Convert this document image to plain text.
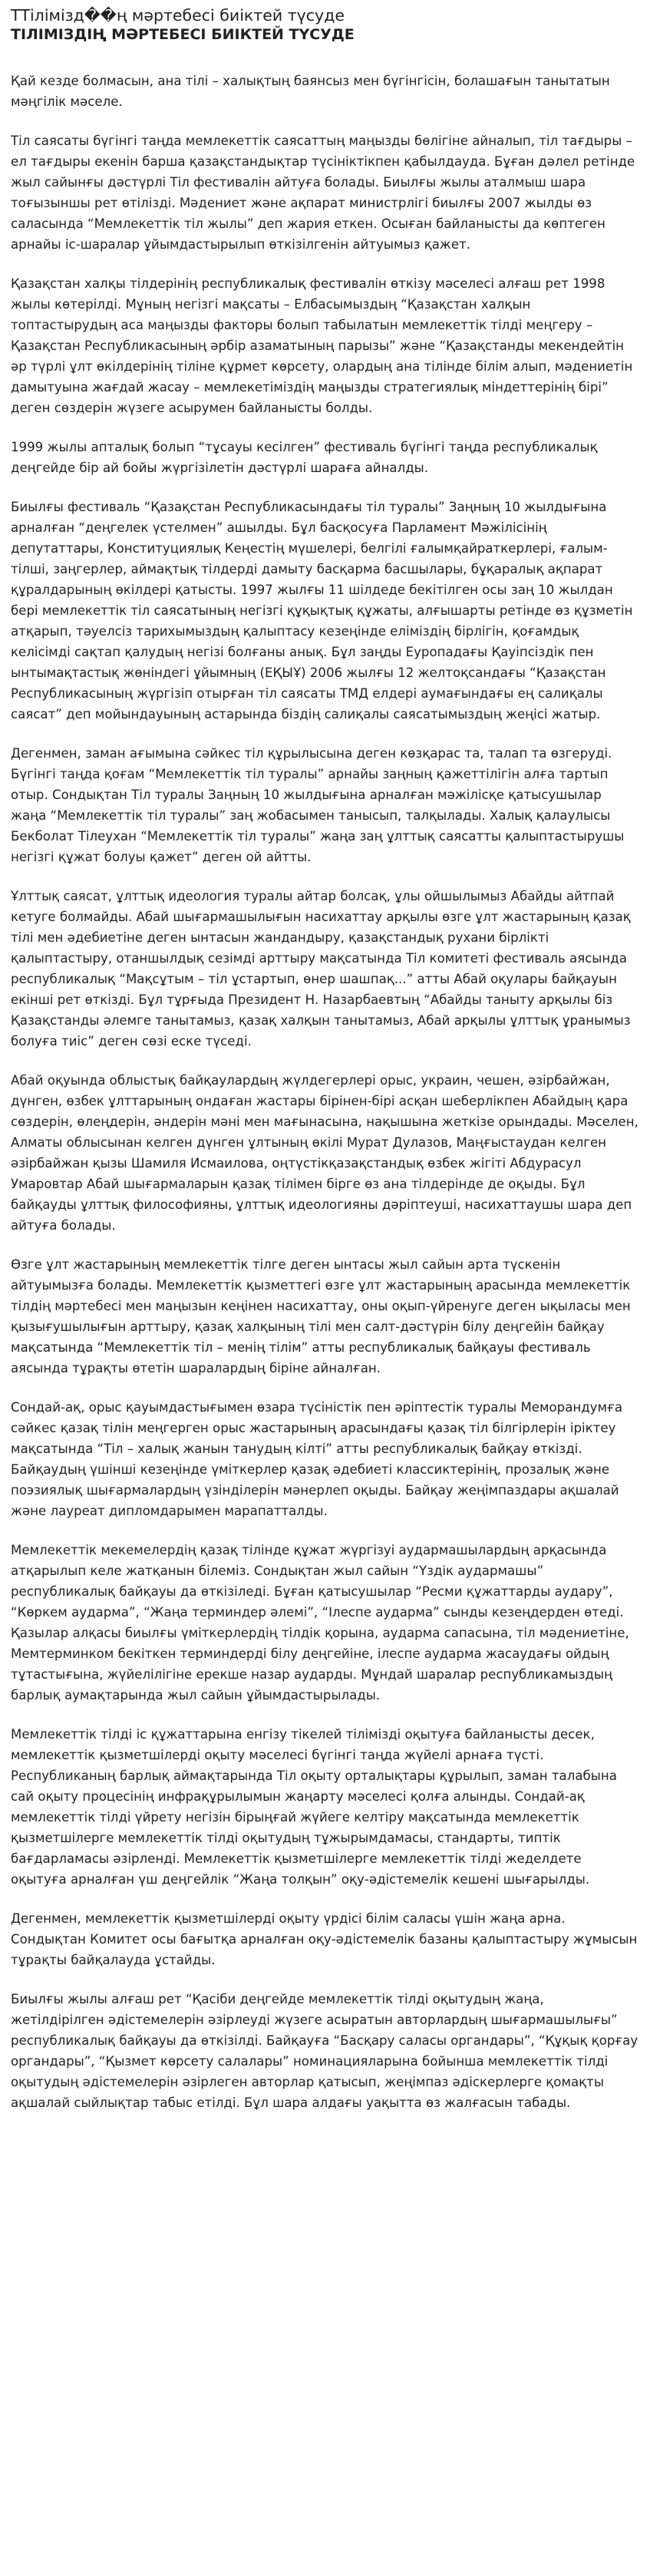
ТТілімізд��ң мәртебесі биіктей түсуде
ТІЛІМІЗДІҢ МӘРТЕБЕСІ БИІКТЕЙ ТҮСУДЕ

Қай кезде болмасын, ана тілі – халықтың баянсыз мен бүгінгісін, болашағын танытатын мәңгілік мәселе.

Тіл саясаты бүгінгі таңда мемлекеттік саясаттың маңызды бөлігіне айналып, тіл тағдыры – ел тағдыры екенін барша қазақстандықтар түсініктікпен қабылдауда. Бұған дәлел ретінде жыл сайынғы дәстүрлі Тіл фестивалін айтуға болады. Биылғы жылы аталмыш шара тоғызыншы рет өтілізді. Мәдениет және ақпарат министрлігі биылғы 2007 жылды өз саласында “Мемлекеттік тіл жылы” деп жария еткен. Осыған байланысты да көптеген арнайы іс-шаралар ұйымдастырылып өткізілгенін айтуымыз қажет.

Қазақстан халқы тілдерінің республикалық фестивалін өткізу мәселесі алғаш рет 1998 жылы көтерілді. Мұның негізгі мақсаты – Елбасымыздың “Қазақстан халқын топтастырудың аса маңызды факторы болып табылатын мемлекеттік тілді меңгеру – Қазақстан Республикасының әрбір азаматының парызы” және “Қазақстанды мекендейтін әр түрлі ұлт өкілдерінің тіліне құрмет көрсету, олардың ана тілінде білім алып, мәдениетін дамытуына жағдай жасау – мемлекетіміздің маңызды стратегиялық міндеттерінің бірі” деген сөздерін жүзеге асырумен байланысты болды.

1999 жылы апталық болып “тұсауы кесілген” фестиваль бүгінгі таңда республикалық деңгейде бір ай бойы жүргізілетін дәстүрлі шараға айналды.

Биылғы фестиваль “Қазақстан Республикасындағы тіл туралы” Заңның 10 жылдығына арналған “деңгелек үстелмен” ашылды. Бұл басқосуға Парламент Мәжілісінің депутаттары, Конституциялық Кеңестің мүшелері, белгілі ғалымқайраткерлері, ғалым-тілші, заңгерлер, аймақтық тілдерді дамыту басқарма басшылары, бұқаралық ақпарат құралдарының өкілдері қатысты. 1997 жылғы 11 шілдеде бекітілген осы заң 10 жылдан бері мемлекеттік тіл саясатының негізгі құқықтық құжаты, алғышарты ретінде өз құзметін атқарып, тәуелсіз тарихымыздың қалыптасу кезеңінде еліміздің бірлігін, қоғамдық келісімді сақтап қалудың негізі болғаны анық. Бұл заңды Еуропадағы Қауіпсіздік пен ынтымақтастық жөніндегі ұйымның (ЕҚЫҰ) 2006 жылғы 12 желтоқсандағы “Қазақстан Республикасының жүргізіп отырған тіл саясаты ТМД елдері аумағындағы ең салиқалы саясат” деп мойындауының астарында біздің салиқалы саясатымыздың жеңісі жатыр.

Дегенмен, заман ағымына сәйкес тіл құрылысына деген көзқарас та, талап та өзгеруді. Бүгінгі таңда қоғам “Мемлекеттік тіл туралы” арнайы заңның қажеттілігін алға тартып отыр. Сондықтан Тіл туралы Заңның 10 жылдығына арналған мәжілісқе қатысушылар жаңа “Мемлекеттік тіл туралы” заң жобасымен танысып, талқылады. Халық қалаулысы Бекболат Тілеухан “Мемлекеттік тіл туралы” жаңа заң ұлттық саясатты қалыптастырушы негізгі құжат болуы қажет” деген ой айтты.

Ұлттық саясат, ұлттық идеология туралы айтар болсақ, ұлы ойшылымыз Абайды айтпай кетуге болмайды. Абай шығармашылығын насихаттау арқылы өзге ұлт жастарының қазақ тілі мен әдебиетіне деген ынтасын жандандыру, қазақстандық рухани бірлікті қалыптастыру, отаншылдық сезімді арттыру мақсатында Тіл комитеті фестиваль аясында республикалық “Мақсұтым – тіл ұстартып, өнер шашпақ...” атты Абай оқулары байқауын екінші рет өткізді. Бұл тұрғыда Президент Н. Назарбаевтың “Абайды таныту арқылы біз Қазақстанды әлемге танытамыз, қазақ халқын танытамыз, Абай арқылы ұлттық ұранымыз болуға тиіс” деген сөзі еске түседі.

Абай оқуында облыстық байқаулардың жүлдегерлері орыс, украин, чешен, әзірбайжан, дүнген, өзбек ұлттарының ондаған жастары бірінен-бірі асқан шеберлікпен Абайдың қара сөздерін, өлеңдерін, әндерін мәні мен мағынасына, нақышына жеткізе орындады. Мәселен, Алматы облысынан келген дүнген ұлтының өкілі Мурат Дулазов, Маңғыстаудан келген әзірбайжан қызы Шамиля Исмаилова, оңтүстікқазақстандық өзбек жігіті Абдурасул Умаровтар Абай шығармаларын қазақ тілімен бірге өз ана тілдерінде де оқыды. Бұл байқауды ұлттық философияны, ұлттық идеологияны дәріптеуші, насихаттаушы шара деп айтуға болады.

Өзге ұлт жастарының мемлекеттік тілге деген ынтасы жыл сайын арта түскенін айтуымызға болады. Мемлекеттік қызметтегі өзге ұлт жастарының арасында мемлекеттік тілдің мәртебесі мен маңызын кеңінен насихаттау, оны оқып-үйренуге деген ықыласы мен қызығушылығын арттыру, қазақ халқының тілі мен салт-дәстүрін білу деңгейін байқау мақсатында “Мемлекеттік тіл – менің тілім” атты республикалық байқауы фестиваль аясында тұрақты өтетін шаралардың біріне айналған.

Сондай-ақ, орыс қауымдастығымен өзара түсіністік пен әріптестік туралы Меморандумға сәйкес қазақ тілін меңгерген орыс жастарының арасындағы қазақ тіл білгірлерін іріктеу мақсатында “Тіл – халық жанын танудың кілті” атты республикалық байқау өткізді. Байқаудың үшінші кезеңінде үміткерлер қазақ әдебиеті классиктерінің, прозалық және поэзиялық шығармалардың үзінділерін мәнерлеп оқыды. Байқау жеңімпаздары ақшалай және лауреат дипломдарымен марапатталды.

Мемлекеттік мекемелердің қазақ тілінде құжат жүргізуі аудармашылардың арқасында атқарылып келе жатқанын білеміз. Сондықтан жыл сайын “Үздік аудармашы” республикалық байқауы да өткізіледі. Бұған қатысушылар “Ресми құжаттарды аудару”, “Көркем аударма”, “Жаңа терминдер әлемі”, “Ілеспе аударма” сынды кезеңдерден өтеді. Қазылар алқасы биылғы үміткерлердің тілдік қорына, аударма сапасына, тіл мәдениетіне, Мемтерминком бекіткен терминдерді білу деңгейіне, ілеспе аударма жасаудағы ойдың тұтастығына, жүйелілігіне ерекше назар аударды. Мұндай шаралар республикамыздың барлық аумақтарында жыл сайын ұйымдастырылады.

Мемлекеттік тілді іс құжаттарына енгізу тікелей тілімізді оқытуға байланысты десек, мемлекеттік қызметшілерді оқыту мәселесі бүгінгі таңда жүйелі арнаға түсті. Республиканың барлық аймақтарында Тіл оқыту орталықтары құрылып, заман талабына сай оқыту процесінің инфрақұрылымын жаңарту мәселесі қолға алынды. Сондай-ақ мемлекеттік тілді үйрету негізін бірыңғай жүйеге келтіру мақсатында мемлекеттік қызметшілерге мемлекеттік тілді оқытудың тұжырымдамасы, стандарты, типтік бағдарламасы әзірленді. Мемлекеттік қызметшілерге мемлекеттік тілді жеделдете оқытуға арналған үш деңгейлік “Жаңа толқын” оқу-әдістемелік кешені шығарылды.

Дегенмен, мемлекеттік қызметшілерді оқыту үрдісі білім саласы үшін жаңа арна. Сондықтан Комитет осы бағытқа арналған оқу-әдістемелік базаны қалыптастыру жұмысын тұрақты байқалауда ұстайды.

Биылғы жылы алғаш рет “Қасіби деңгейде мемлекеттік тілді оқытудың жаңа, жетілдірілген әдістемелерін әзірлеуді жүзеге асыратын авторлардың шығармашылығы” республикалық байқауы да өткізілді. Байқауға “Басқару саласы органдары”, “Құқық қорғау органдары”, “Қызмет көрсету салалары” номинацияларына бойынша мемлекеттік тілді оқытудың әдістемелерін әзірлеген авторлар қатысып, жеңімпаз әдіскерлерге қомақты ақшалай сыйлықтар табыс етілді. Бұл шара алдағы уақытта өз жалғасын табады.
